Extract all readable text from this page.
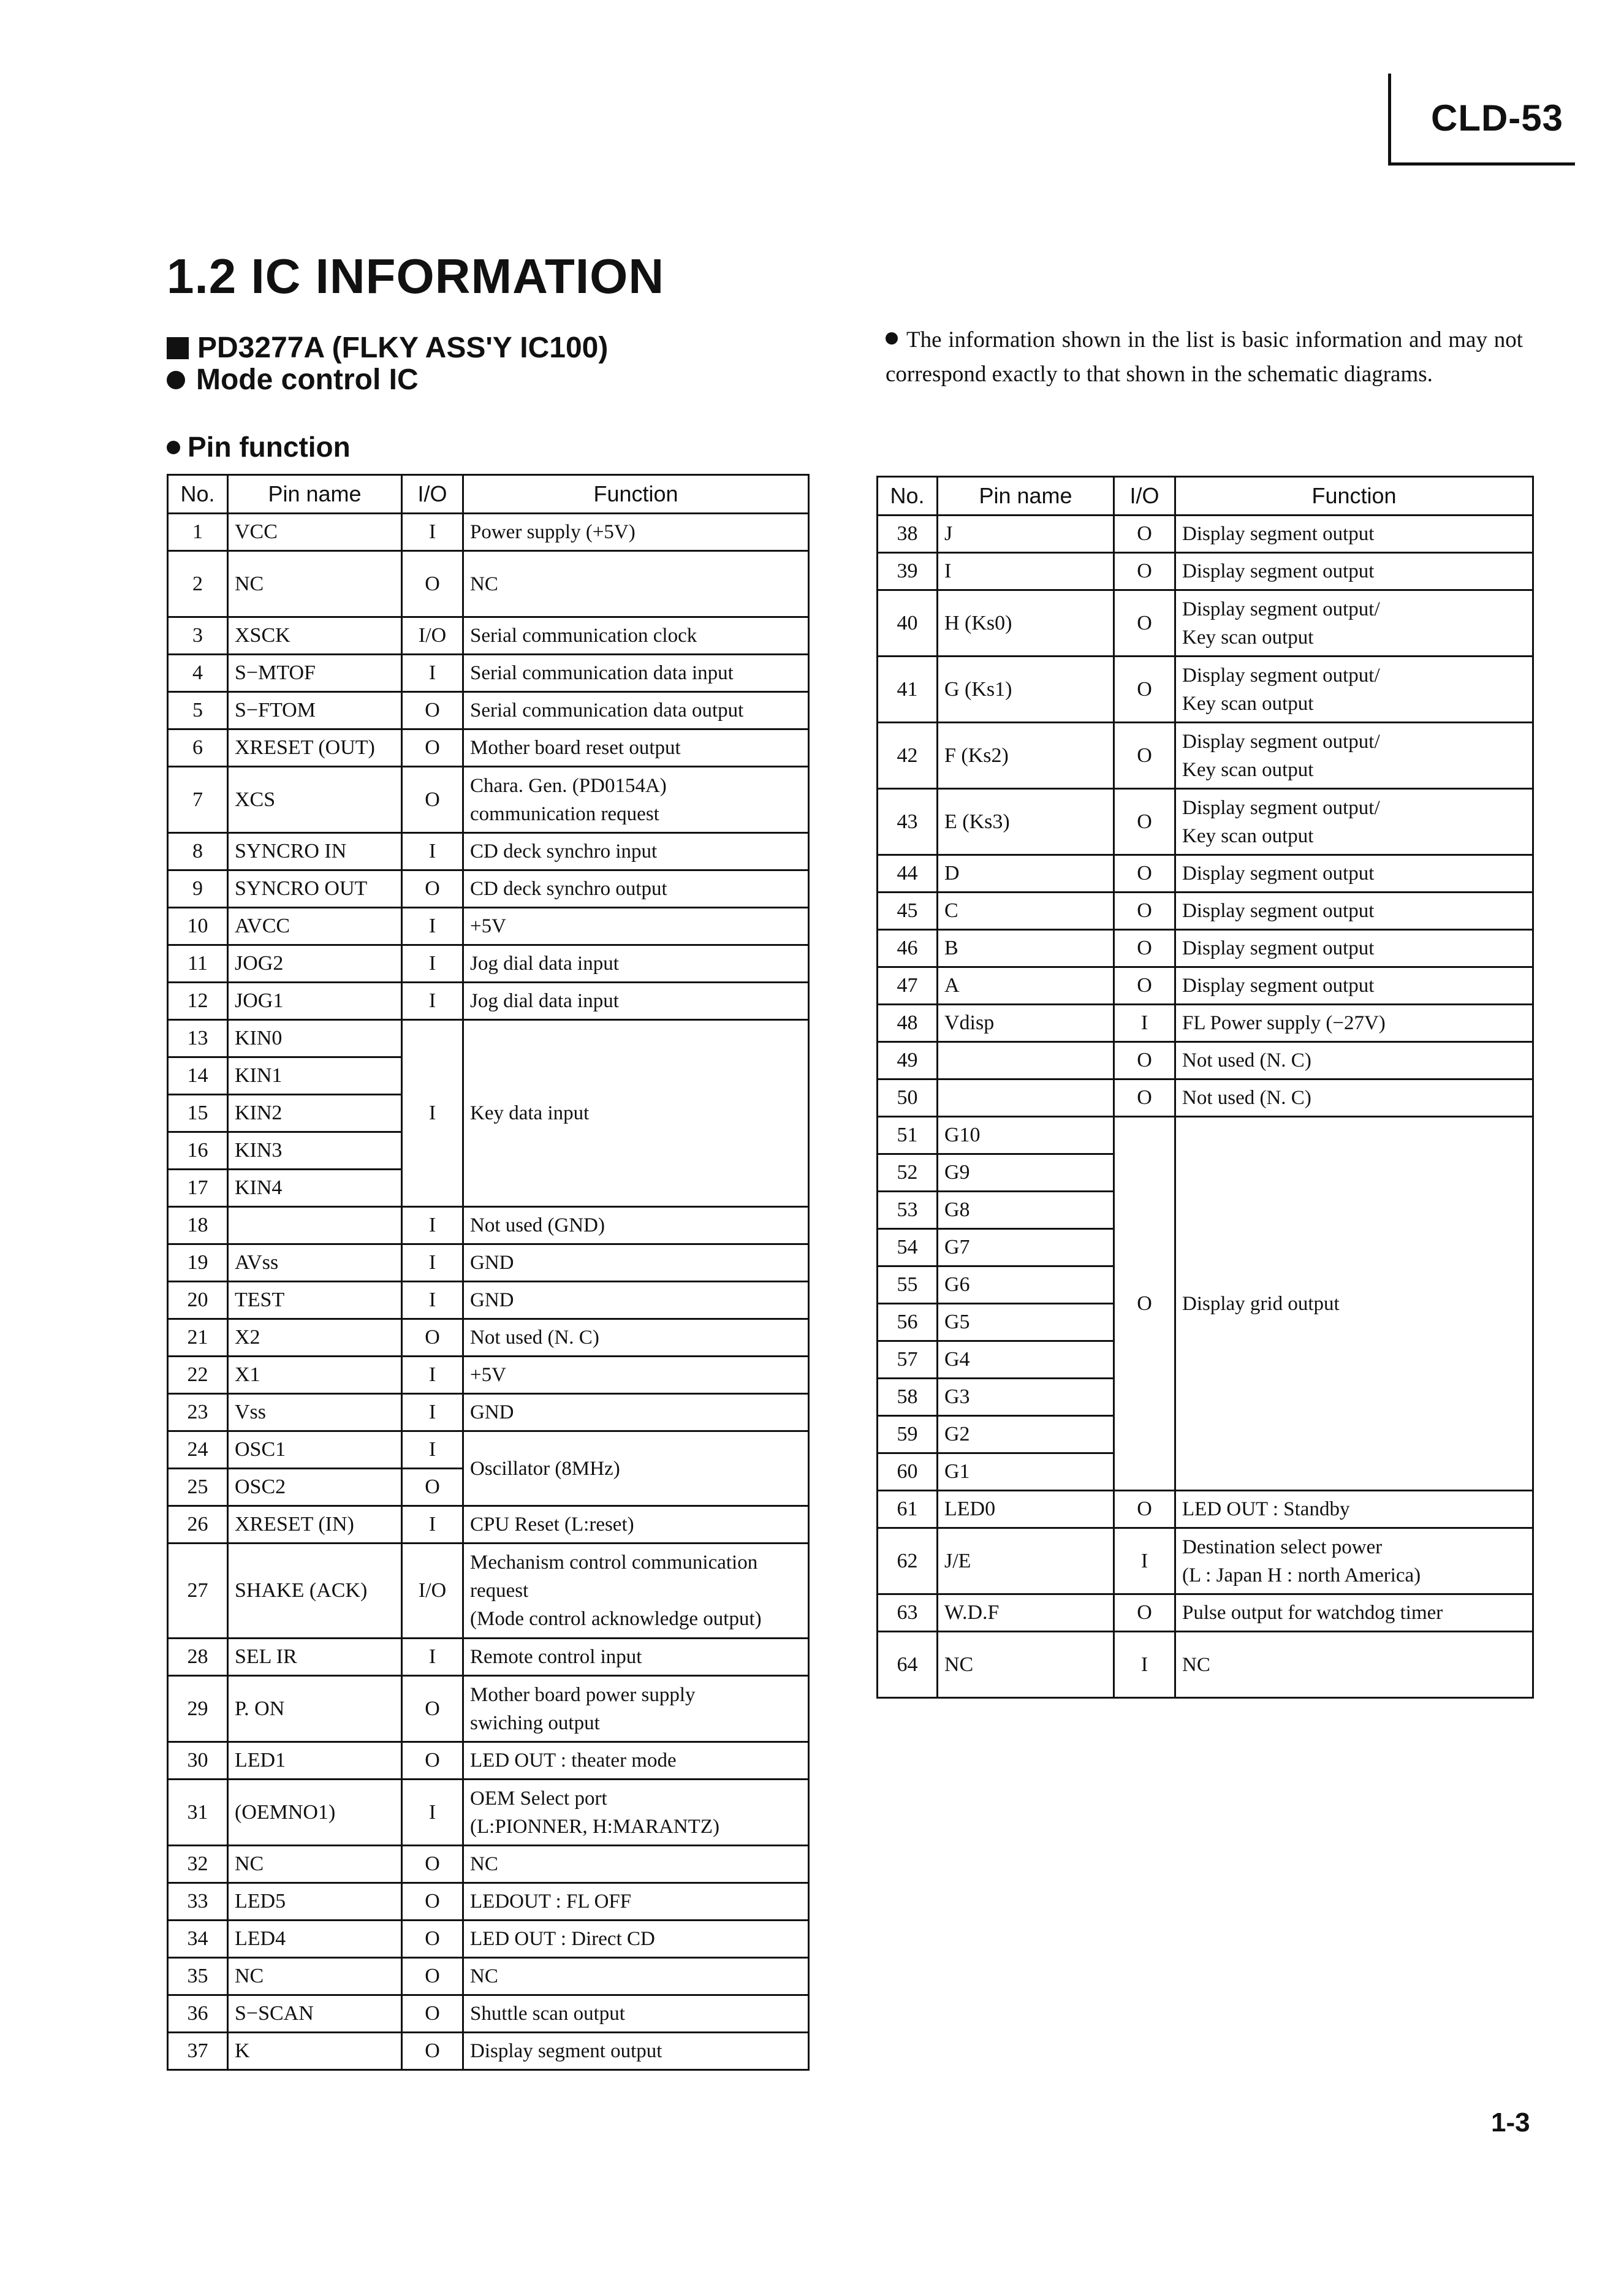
CLD-53
1.2 IC INFORMATION
PD3277A (FLKY ASS'Y IC100)
Mode control IC
Pin function
The information shown in the list is basic information and may not correspond exactly to that shown in the schematic diagrams.
No.	Pin name	I/O	Function
1	VCC	I	Power supply (+5V)
2	NC	O	NC
3	XSCK	I/O	Serial communication clock
4	S−MTOF	I	Serial communication data input
5	S−FTOM	O	Serial communication data output
6	XRESET (OUT)	O	Mother board reset output
7	XCS	O	Chara. Gen. (PD0154A)
communication request
8	SYNCRO IN	I	CD deck synchro input
9	SYNCRO OUT	O	CD deck synchro output
10	AVCC	I	+5V
11	JOG2	I	Jog dial data input
12	JOG1	I	Jog dial data input
13	KIN0	I	Key data input
14	KIN1		
15	KIN2		
16	KIN3		
17	KIN4		
18		I	Not used (GND)
19	AVss	I	GND
20	TEST	I	GND
21	X2	O	Not used (N. C)
22	X1	I	+5V
23	Vss	I	GND
24	OSC1	I	Oscillator (8MHz)
25	OSC2	O	
26	XRESET (IN)	I	CPU Reset (L:reset)
27	SHAKE (ACK)	I/O	Mechanism control communication
request
(Mode control acknowledge output)
28	SEL IR	I	Remote control input
29	P. ON	O	Mother board power supply
swiching output
30	LED1	O	LED OUT : theater mode
31	(OEMNO1)	I	OEM Select port
(L:PIONNER, H:MARANTZ)
32	NC	O	NC
33	LED5	O	LEDOUT : FL OFF
34	LED4	O	LED OUT : Direct CD
35	NC	O	NC
36	S−SCAN	O	Shuttle scan output
37	K	O	Display segment output
No.	Pin name	I/O	Function
38	J	O	Display segment output
39	I	O	Display segment output
40	H (Ks0)	O	Display segment output/
Key scan output
41	G (Ks1)	O	Display segment output/
Key scan output
42	F (Ks2)	O	Display segment output/
Key scan output
43	E (Ks3)	O	Display segment output/
Key scan output
44	D	O	Display segment output
45	C	O	Display segment output
46	B	O	Display segment output
47	A	O	Display segment output
48	Vdisp	I	FL Power supply (−27V)
49		O	Not used (N. C)
50		O	Not used (N. C)
51	G10	O	Display grid output
52	G9		
53	G8		
54	G7		
55	G6		
56	G5		
57	G4		
58	G3		
59	G2		
60	G1		
61	LED0	O	LED OUT : Standby
62	J/E	I	Destination select power
(L : Japan H : north America)
63	W.D.F	O	Pulse output for watchdog timer
64	NC	I	NC
1-3
